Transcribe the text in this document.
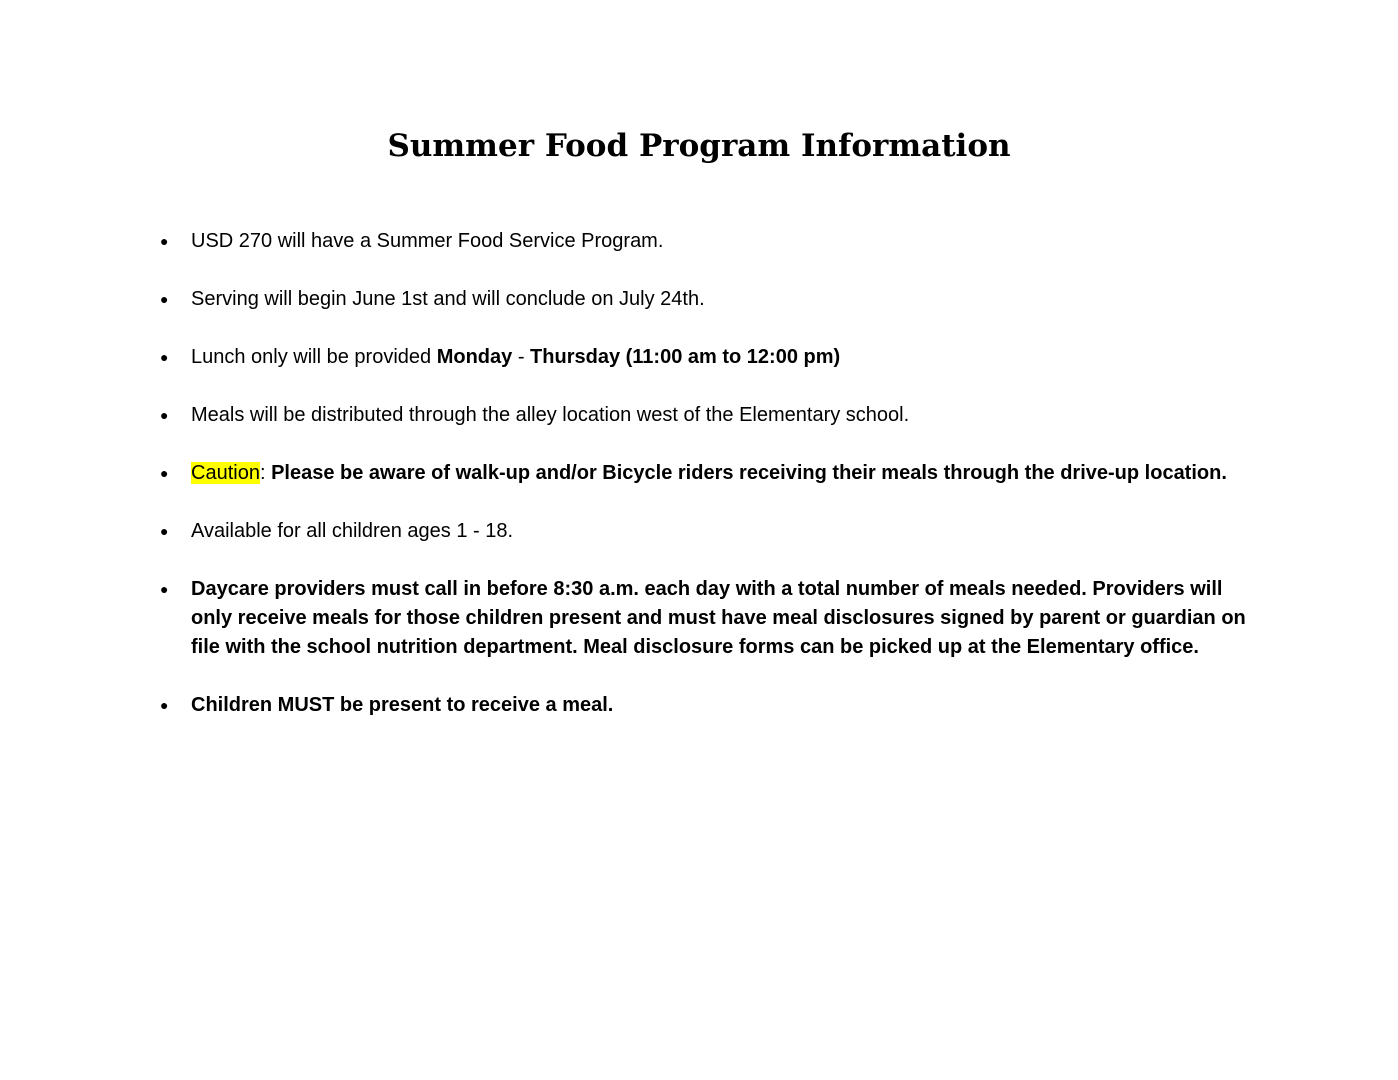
Summer Food Program Information
●	USD 270 will have a Summer Food Service Program.
●	Serving will begin June 1st and will conclude on July 24th.
●	Lunch only will be provided Monday - Thursday (11:00 am to 12:00 pm)
●	Meals will be distributed through the alley location west of the Elementary school.
●	Caution: Please be aware of walk-up and/or Bicycle riders receiving their meals through the drive-up location.
●	Available for all children ages 1 - 18.
●	Daycare providers must call in before 8:30 a.m. each day with a total number of meals needed. Providers will only receive meals for those children present and must have meal disclosures signed by parent or guardian on file with the school nutrition department. Meal disclosure forms can be picked up at the Elementary office.
●	Children MUST be present to receive a meal.
